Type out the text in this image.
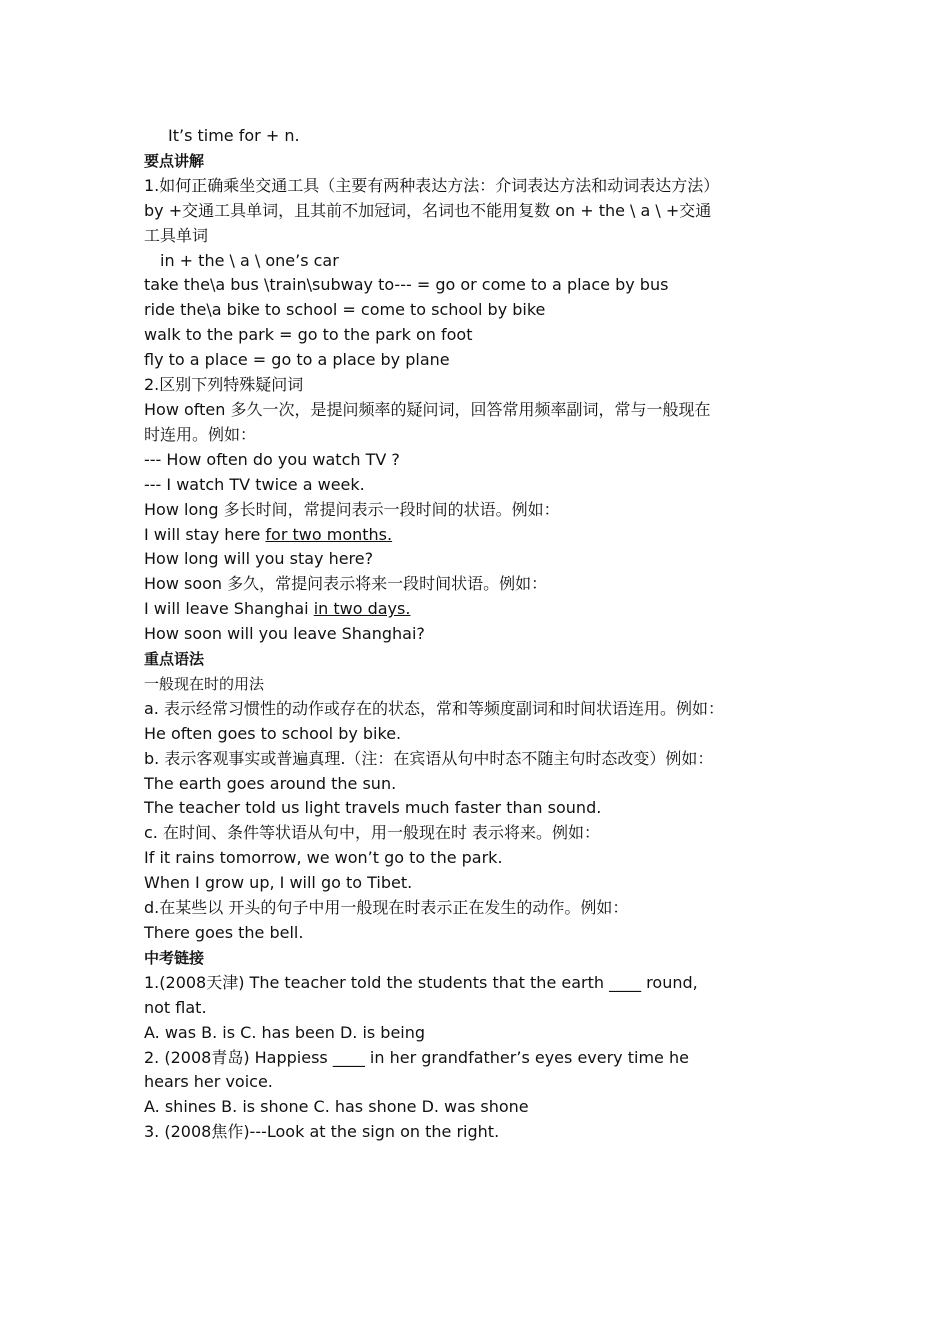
It’s time for + n.
要点讲解
1.如何正确乘坐交通工具（主要有两种表达方法：介词表达方法和动词表达方法）
by +交通工具单词，且其前不加冠词，名词也不能用复数 on + the \ a \ +交通工具单词
in + the \ a \ one’s car
take the\a bus \train\subway to--- = go or come to a place by bus
ride the\a bike to school = come to school by bike
walk to the park = go to the park on foot
fly to a place = go to a place by plane
2.区别下列特殊疑问词
How often 多久一次，是提问频率的疑问词，回答常用频率副词，常与一般现在时连用。例如：
--- How often do you watch TV ?
--- I watch TV twice a week.
How long 多长时间，常提问表示一段时间的状语。例如：
I will stay here for two months.
How long will you stay here?
How soon 多久，常提问表示将来一段时间状语。例如：
I will leave Shanghai in two days.
How soon will you leave Shanghai?
重点语法
一般现在时的用法
a. 表示经常习惯性的动作或存在的状态，常和等频度副词和时间状语连用。例如：
He often goes to school by bike.
b. 表示客观事实或普遍真理.（注：在宾语从句中时态不随主句时态改变）例如：
The earth goes around the sun.
The teacher told us light travels much faster than sound.
c. 在时间、条件等状语从句中，用一般现在时 表示将来。例如：
If it rains tomorrow, we won’t go to the park.
When I grow up, I will go to Tibet.
d.在某些以 开头的句子中用一般现在时表示正在发生的动作。例如：
There goes the bell.
中考链接
1.(2008天津) The teacher told the students that the earth ____ round, not flat.
A. was B. is C. has been D. is being
2. (2008青岛) Happiess ____ in her grandfather’s eyes every time he hears her voice.
A. shines B. is shone C. has shone D. was shone
3. (2008焦作)---Look at the sign on the right.
